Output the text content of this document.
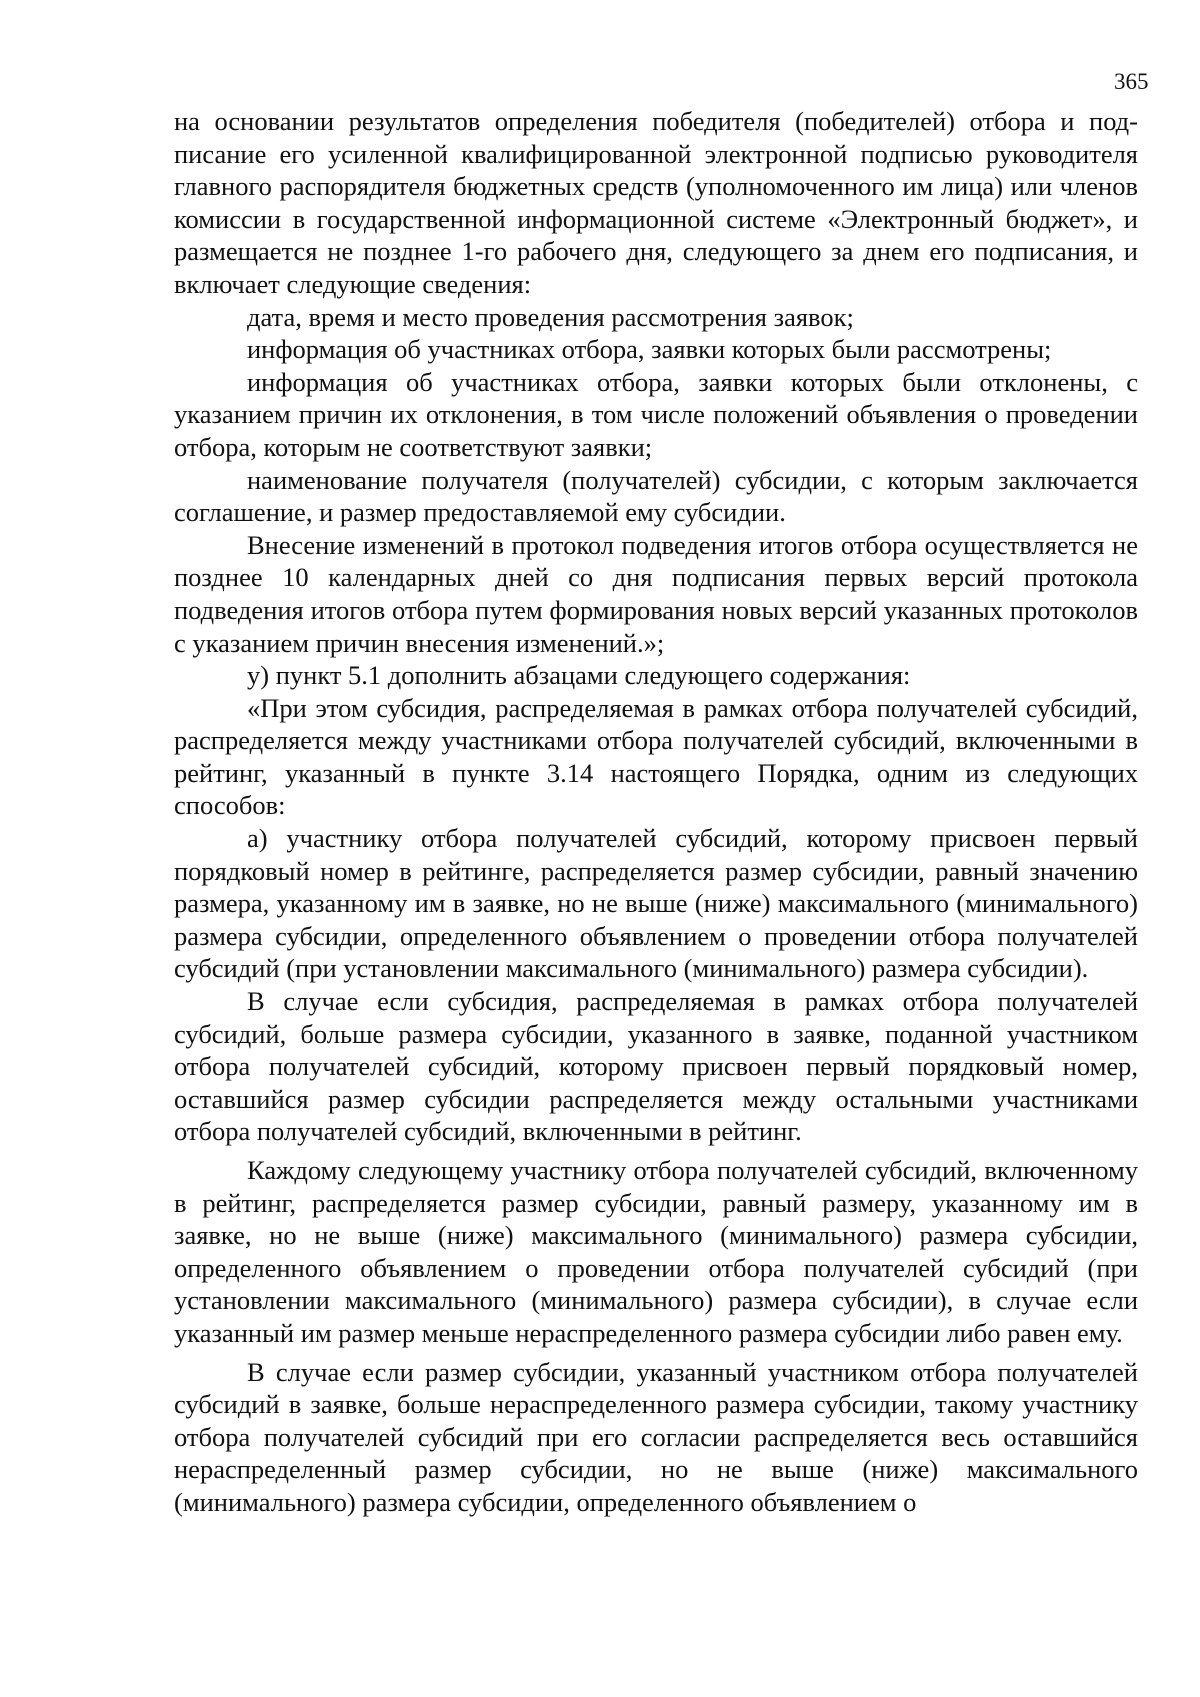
365

на основании результатов определения победителя (победителей) отбора и подписание его усиленной квалифицированной электронной подписью руководителя главного распорядителя бюджетных средств (уполномоченного им лица) или членов комиссии в государственной информационной системе «Электронный бюджет», и размещается не позднее 1-го рабочего дня, следующего за днем его подписания, и включает следующие сведения:

дата, время и место проведения рассмотрения заявок;

информация об участниках отбора, заявки которых были рассмотрены;

информация об участниках отбора, заявки которых были отклонены, с указанием причин их отклонения, в том числе положений объявления о проведении отбора, которым не соответствуют заявки;

наименование получателя (получателей) субсидии, с которым заключается соглашение, и размер предоставляемой ему субсидии.

Внесение изменений в протокол подведения итогов отбора осуществляется не позднее 10 календарных дней со дня подписания первых версий протокола подведения итогов отбора путем формирования новых версий указанных протоколов с указанием причин внесения изменений.»;

у) пункт 5.1 дополнить абзацами следующего содержания:

«При этом субсидия, распределяемая в рамках отбора получателей субсидий, распределяется между участниками отбора получателей субсидий, включенными в рейтинг, указанный в пункте 3.14 настоящего Порядка, одним из следующих способов:

а) участнику отбора получателей субсидий, которому присвоен первый порядковый номер в рейтинге, распределяется размер субсидии, равный значению размера, указанному им в заявке, но не выше (ниже) максимального (минимального) размера субсидии, определенного объявлением о проведении отбора получателей субсидий (при установлении максимального (минимального) размера субсидии).

В случае если субсидия, распределяемая в рамках отбора получателей субсидий, больше размера субсидии, указанного в заявке, поданной участником отбора получателей субсидий, которому присвоен первый порядковый номер, оставшийся размер субсидии распределяется между остальными участниками отбора получателей субсидий, включенными в рейтинг.

Каждому следующему участнику отбора получателей субсидий, включенному в рейтинг, распределяется размер субсидии, равный размеру, указанному им в заявке, но не выше (ниже) максимального (минимального) размера субсидии, определенного объявлением о проведении отбора получателей субсидий (при установлении максимального (минимального) размера субсидии), в случае если указанный им размер меньше нераспределенного размера субсидии либо равен ему.

В случае если размер субсидии, указанный участником отбора получателей субсидий в заявке, больше нераспределенного размера субсидии, такому участнику отбора получателей субсидий при его согласии распределяется весь оставшийся нераспределенный размер субсидии, но не выше (ниже) максимального (минимального) размера субсидии, определенного объявлением о
